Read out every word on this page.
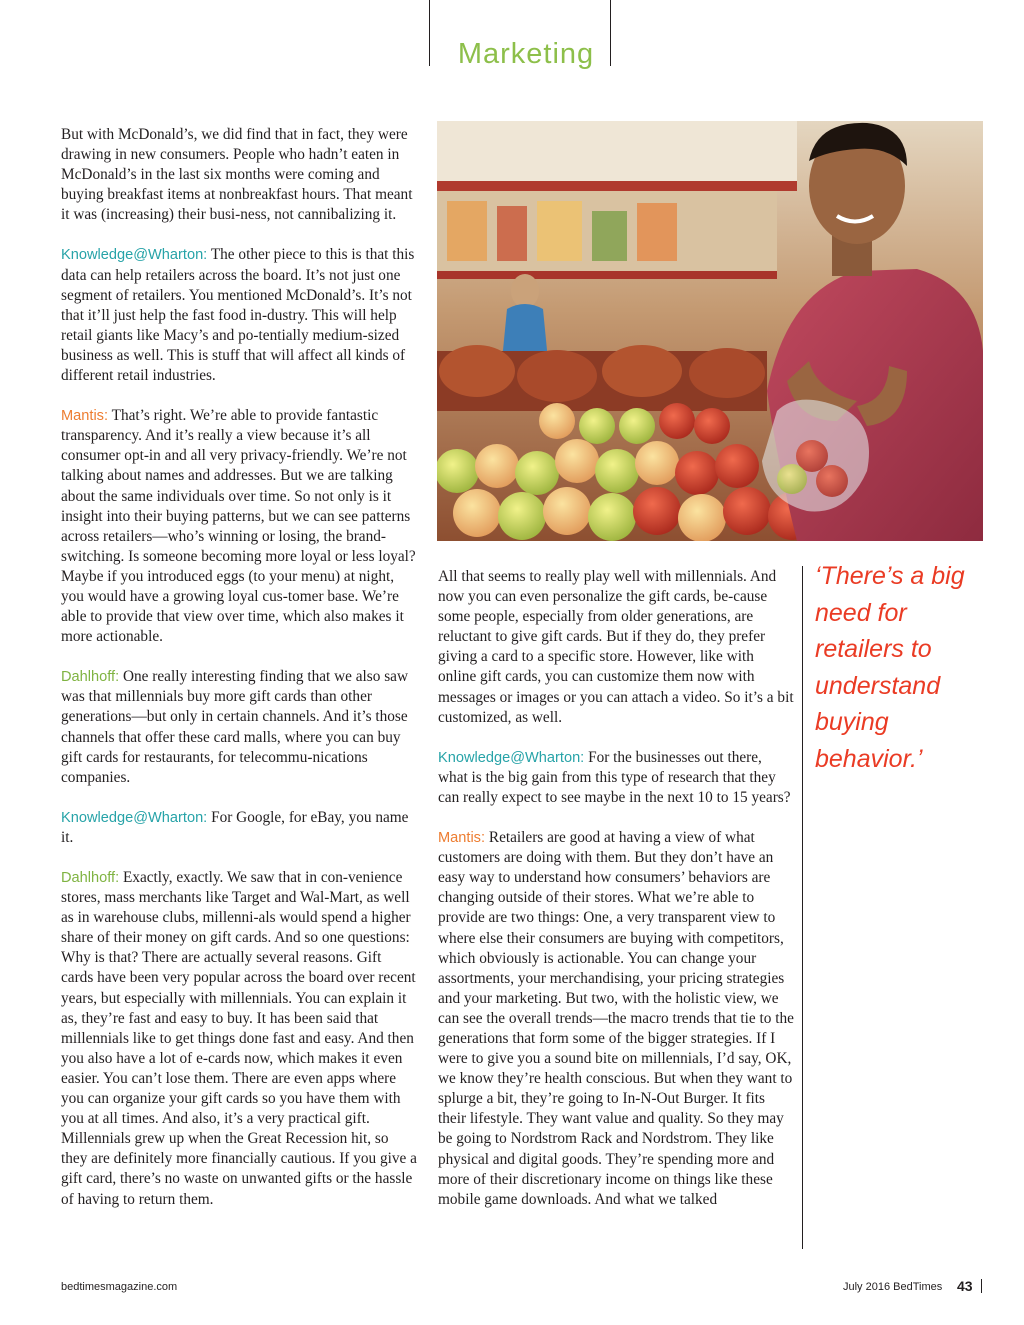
Marketing

But with McDonald’s, we did find that in fact, they were drawing in new consumers. People who hadn’t eaten in McDonald’s in the last six months were coming and buying breakfast items at nonbreakfast hours. That meant it was (increasing) their busi-ness, not cannibalizing it.

Knowledge@Wharton: The other piece to this is that this data can help retailers across the board. It’s not just one segment of retailers. You mentioned McDonald’s. It’s not that it’ll just help the fast food in-dustry. This will help retail giants like Macy’s and po-tentially medium-sized business as well. This is stuff that will affect all kinds of different retail industries.

Mantis: That’s right. We’re able to provide fantastic transparency. And it’s really a view because it’s all consumer opt-in and all very privacy-friendly. We’re not talking about names and addresses. But we are talking about the same individuals over time. So not only is it insight into their buying patterns, but we can see patterns across retailers—who’s winning or losing, the brand-switching. Is someone becoming more loyal or less loyal? Maybe if you introduced eggs (to your menu) at night, you would have a growing loyal cus-tomer base. We’re able to provide that view over time, which also makes it more actionable.

Dahlhoff: One really interesting finding that we also saw was that millennials buy more gift cards than other generations—but only in certain channels. And it’s those channels that offer these card malls, where you can buy gift cards for restaurants, for telecommu-nications companies.

Knowledge@Wharton: For Google, for eBay, you name it.

Dahlhoff: Exactly, exactly. We saw that in con-venience stores, mass merchants like Target and Wal-Mart, as well as in warehouse clubs, millenni-als would spend a higher share of their money on gift cards. And so one questions: Why is that? There are actually several reasons. Gift cards have been very popular across the board over recent years, but especially with millennials. You can explain it as, they’re fast and easy to buy. It has been said that millennials like to get things done fast and easy. And then you also have a lot of e-cards now, which makes it even easier. You can’t lose them. There are even apps where you can organize your gift cards so you have them with you at all times. And also, it’s a very practical gift. Millennials grew up when the Great Recession hit, so they are definitely more financially cautious. If you give a gift card, there’s no waste on unwanted gifts or the hassle of having to return them.

All that seems to really play well with millennials. And now you can even personalize the gift cards, be-cause some people, especially from older generations, are reluctant to give gift cards. But if they do, they prefer giving a card to a specific store. However, like with online gift cards, you can customize them now with messages or images or you can attach a video. So it’s a bit customized, as well.

Knowledge@Wharton: For the businesses out there, what is the big gain from this type of research that they can really expect to see maybe in the next 10 to 15 years?

Mantis: Retailers are good at having a view of what customers are doing with them. But they don’t have an easy way to understand how consumers’ behaviors are changing outside of their stores. What we’re able to provide are two things: One, a very transparent view to where else their consumers are buying with competitors, which obviously is actionable. You can change your assortments, your merchandising, your pricing strategies and your marketing. But two, with the holistic view, we can see the overall trends—the macro trends that tie to the generations that form some of the bigger strategies. If I were to give you a sound bite on millennials, I’d say, OK, we know they’re health conscious. But when they want to splurge a bit, they’re going to In-N-Out Burger. It fits their lifestyle. They want value and quality. So they may be going to Nordstrom Rack and Nordstrom. They like physical and digital goods. They’re spending more and more of their discretionary income on things like these mobile game downloads. And what we talked

‘There’s a big need for retailers to understand buying behavior.’

bedtimesmagazine.com	July 2016 BedTimes 43
